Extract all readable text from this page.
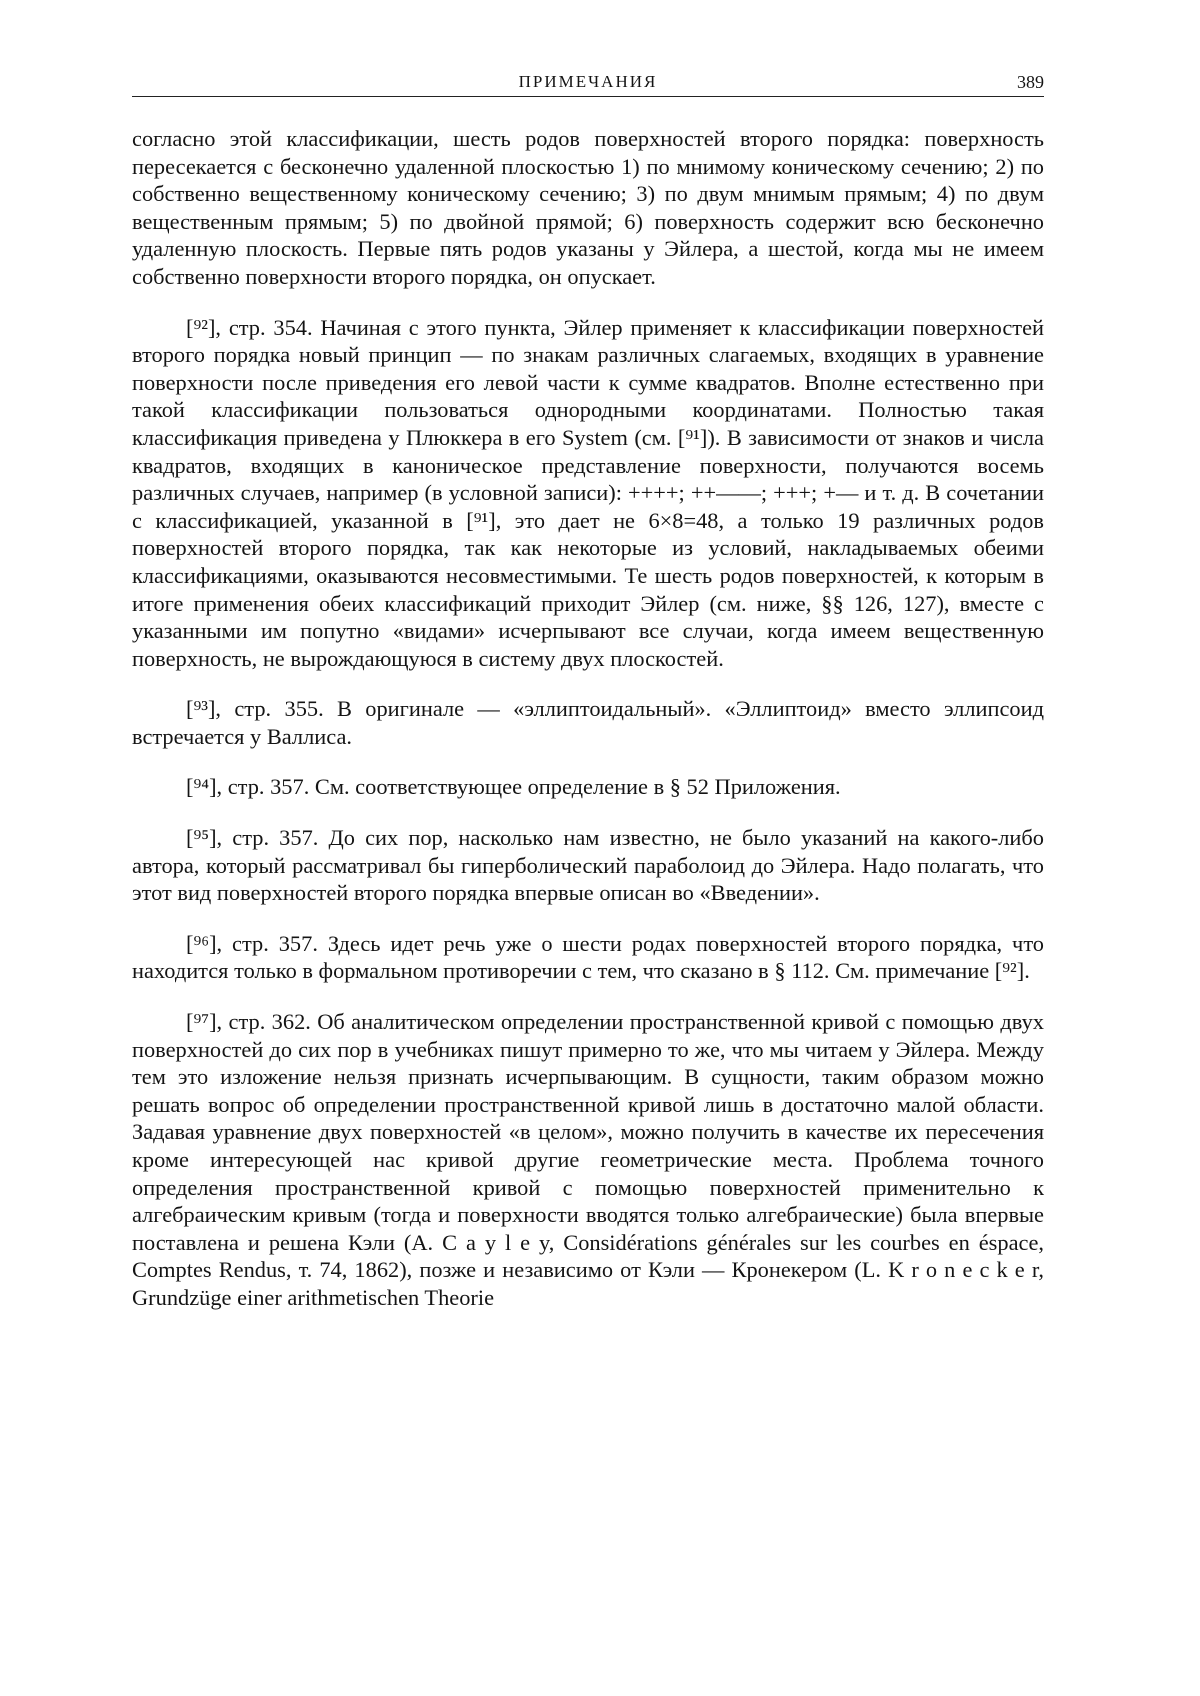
ПРИМЕЧАНИЯ	389

согласно этой классификации, шесть родов поверхностей второго порядка: поверхность пересекается с бесконечно удаленной плоскостью 1) по мнимому коническому сечению; 2) по собственно вещественному коническому сечению; 3) по двум мнимым прямым; 4) по двум вещественным прямым; 5) по двойной прямой; 6) поверхность содержит всю бесконечно удаленную плоскость. Первые пять родов указаны у Эйлера, а шестой, когда мы не имеем собственно поверхности второго порядка, он опускает.

[⁹²], стр. 354. Начиная с этого пункта, Эйлер применяет к классификации поверхностей второго порядка новый принцип — по знакам различных слагаемых, входящих в уравнение поверхности после приведения его левой части к сумме квадратов. Вполне естественно при такой классификации пользоваться однородными координатами. Полностью такая классификация приведена у Плюккера в его System (см. [⁹¹]). В зависимости от знаков и числа квадратов, входящих в каноническое представление поверхности, получаются восемь различных случаев, например (в условной записи): ++++; ++——; +++; +— и т. д. В сочетании с классификацией, указанной в [⁹¹], это дает не 6×8=48, а только 19 различных родов поверхностей второго порядка, так как некоторые из условий, накладываемых обеими классификациями, оказываются несовместимыми. Те шесть родов поверхностей, к которым в итоге применения обеих классификаций приходит Эйлер (см. ниже, §§ 126, 127), вместе с указанными им попутно «видами» исчерпывают все случаи, когда имеем вещественную поверхность, не вырождающуюся в систему двух плоскостей.

[⁹³], стр. 355. В оригинале — «эллиптоидальный». «Эллиптоид» вместо эллипсоид встречается у Валлиса.

[⁹⁴], стр. 357. См. соответствующее определение в § 52 Приложения.

[⁹⁵], стр. 357. До сих пор, насколько нам известно, не было указаний на какого-либо автора, который рассматривал бы гиперболический параболоид до Эйлера. Надо полагать, что этот вид поверхностей второго порядка впервые описан во «Введении».

[⁹⁶], стр. 357. Здесь идет речь уже о шести родах поверхностей второго порядка, что находится только в формальном противоречии с тем, что сказано в § 112. См. примечание [⁹²].

[⁹⁷], стр. 362. Об аналитическом определении пространственной кривой с помощью двух поверхностей до сих пор в учебниках пишут примерно то же, что мы читаем у Эйлера. Между тем это изложение нельзя признать исчерпывающим. В сущности, таким образом можно решать вопрос об определении пространственной кривой лишь в достаточно малой области. Задавая уравнение двух поверхностей «в целом», можно получить в качестве их пересечения кроме интересующей нас кривой другие геометрические места. Проблема точного определения пространственной кривой с помощью поверхностей применительно к алгебраическим кривым (тогда и поверхности вводятся только алгебраические) была впервые поставлена и решена Кэли (A. C a y l e y, Considérations générales sur les courbes en éspace, Comptes Rendus, т. 74, 1862), позже и независимо от Кэли — Кронекером (L. K r o n e c k e r, Grundzüge einer arithmetischen Theorie
